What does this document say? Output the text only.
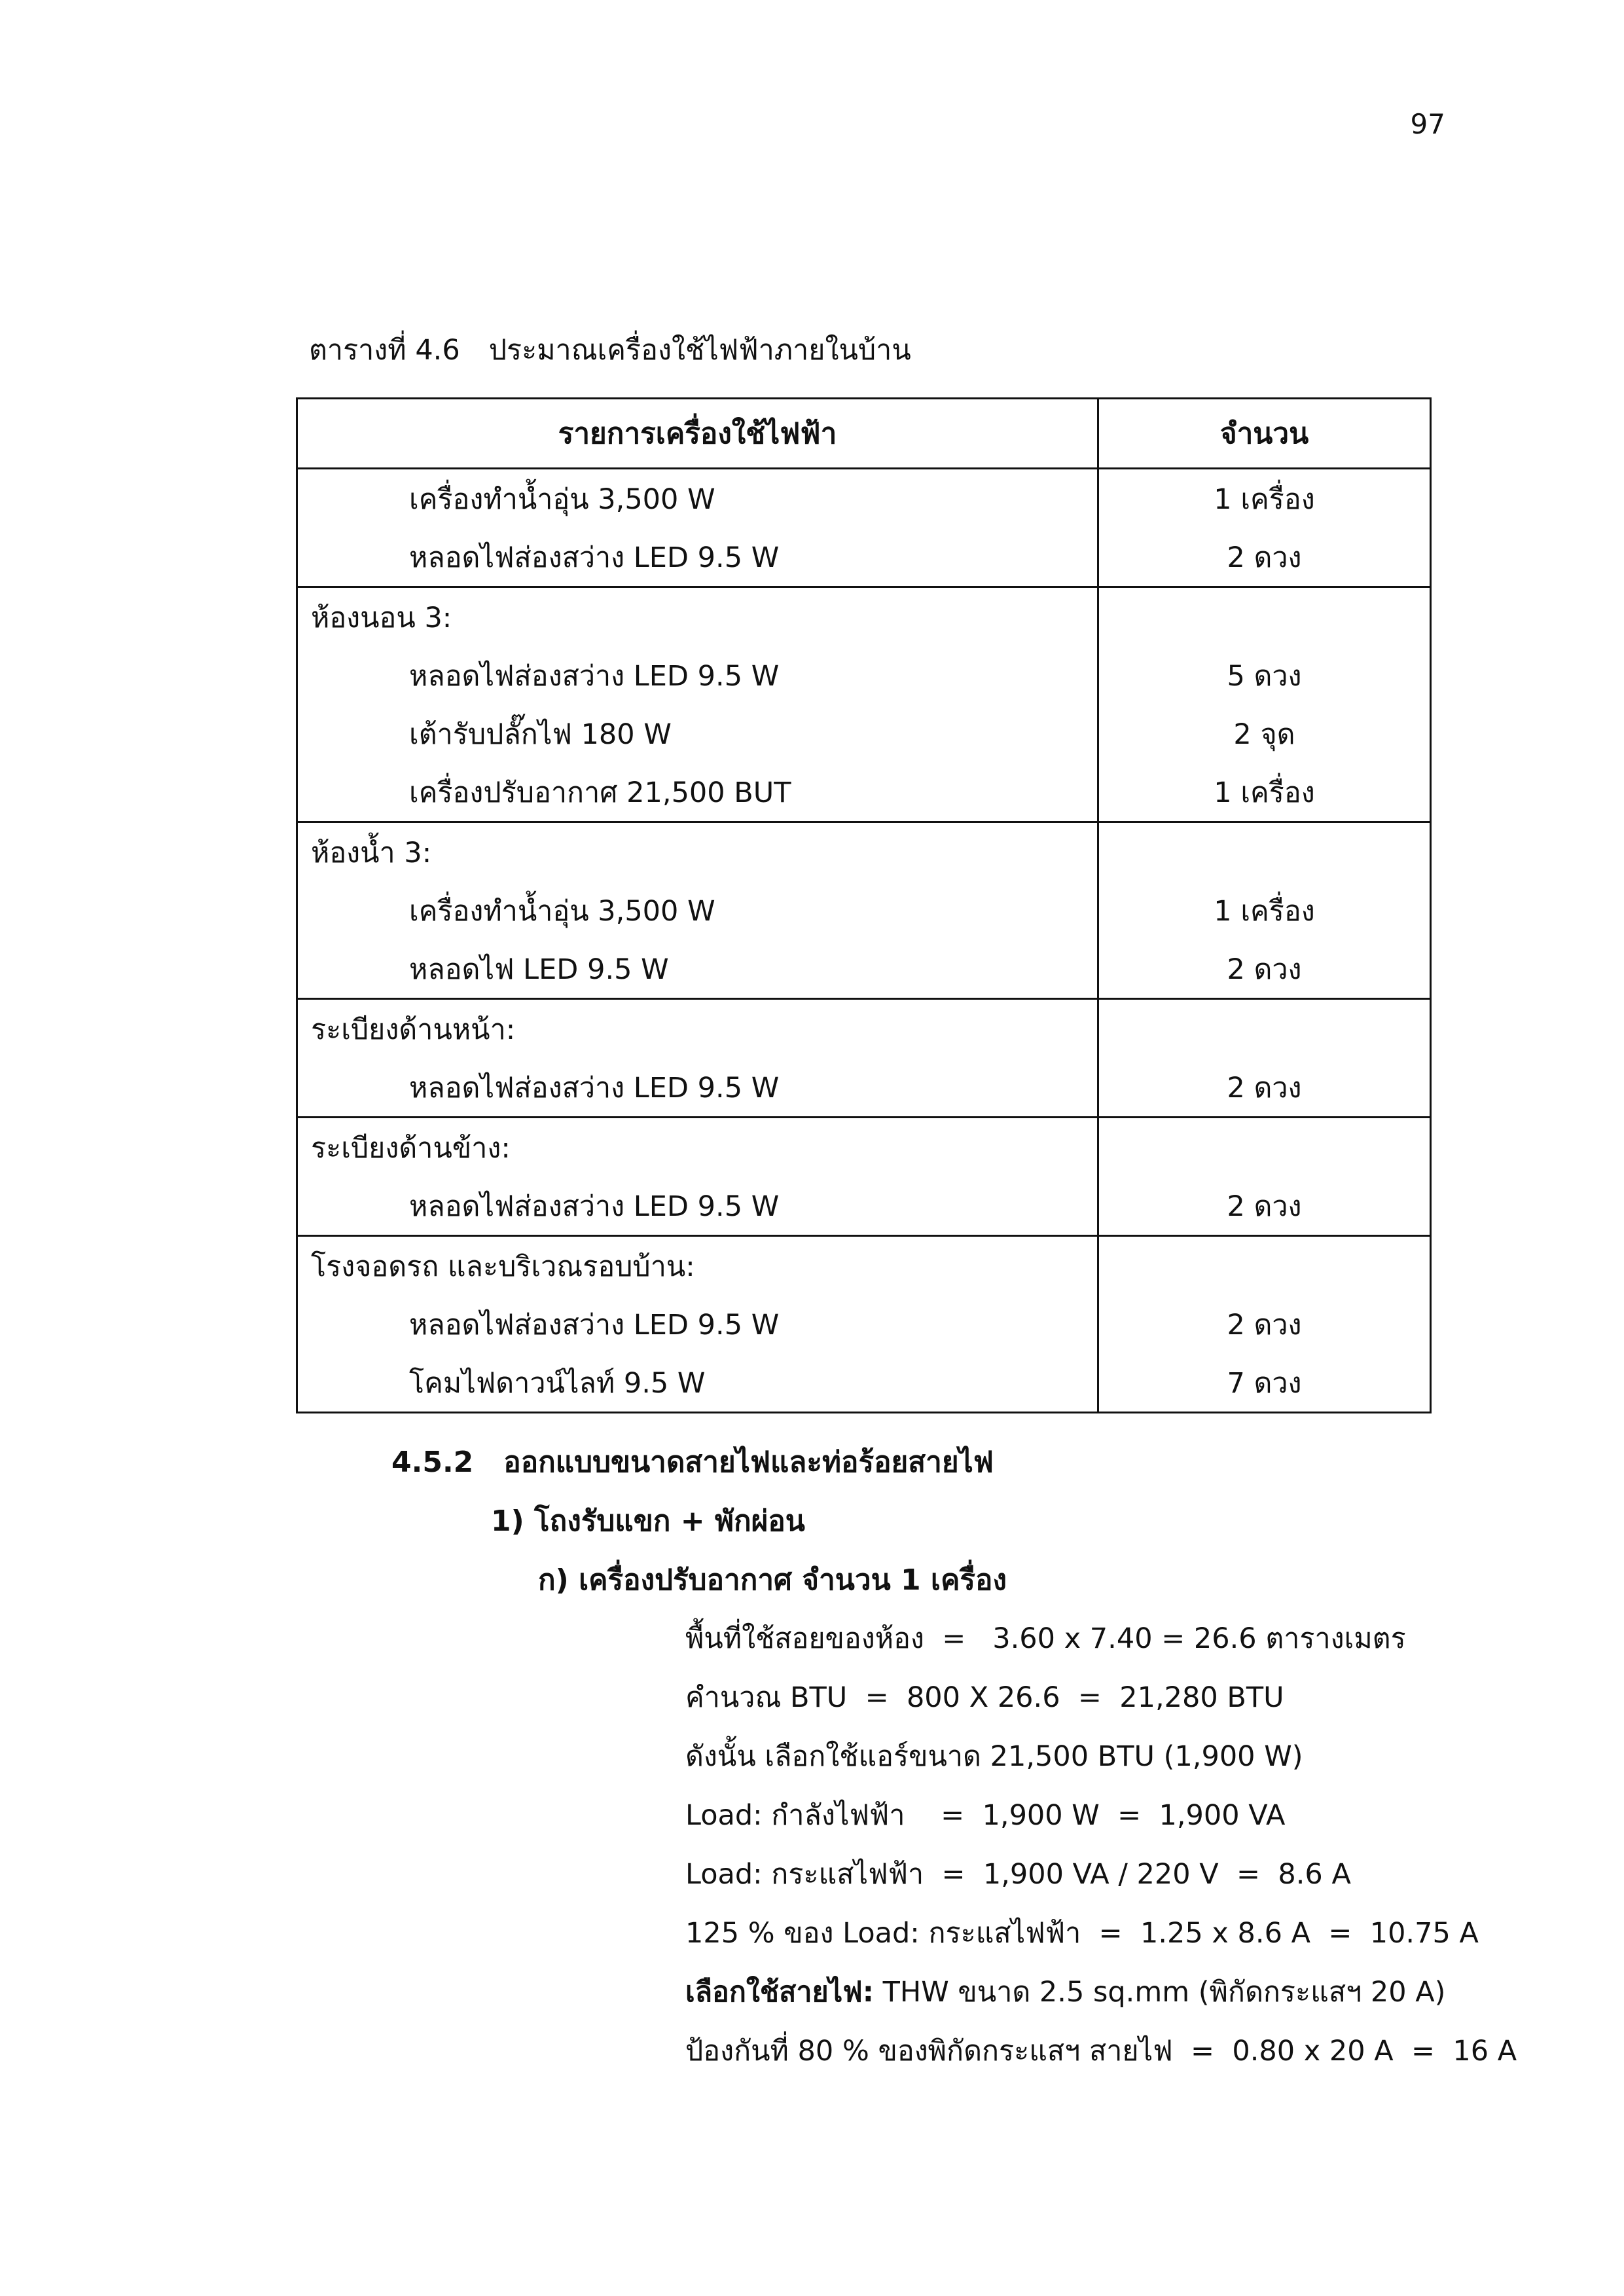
97
ตารางที่ 4.6 ประมาณเครื่องใช้ไฟฟ้าภายในบ้าน
รายการเครื่องใช้ไฟฟ้า	จำนวน
เครื่องทำน้ำอุ่น 3,500 W	1 เครื่อง
หลอดไฟส่องสว่าง LED 9.5 W	2 ดวง
ห้องนอน 3:	
หลอดไฟส่องสว่าง LED 9.5 W	5 ดวง
เต้ารับปลั๊กไฟ 180 W	2 จุด
เครื่องปรับอากาศ 21,500 BUT	1 เครื่อง
ห้องน้ำ 3:	
เครื่องทำน้ำอุ่น 3,500 W	1 เครื่อง
หลอดไฟ LED 9.5 W	2 ดวง
ระเบียงด้านหน้า:	
หลอดไฟส่องสว่าง LED 9.5 W	2 ดวง
ระเบียงด้านข้าง:	
หลอดไฟส่องสว่าง LED 9.5 W	2 ดวง
โรงจอดรถ และบริเวณรอบบ้าน:	
หลอดไฟส่องสว่าง LED 9.5 W	2 ดวง
โคมไฟดาวน์ไลท์ 9.5 W	7 ดวง
4.5.2 ออกแบบขนาดสายไฟและท่อร้อยสายไฟ
1) โถงรับแขก + พักผ่อน
ก) เครื่องปรับอากาศ จำนวน 1 เครื่อง
พื้นที่ใช้สอยของห้อง  =   3.60 x 7.40 = 26.6 ตารางเมตร
คำนวณ BTU  =  800 X 26.6  =  21,280 BTU
ดังนั้น เลือกใช้แอร์ขนาด 21,500 BTU (1,900 W)
Load: กำลังไฟฟ้า    =  1,900 W  =  1,900 VA
Load: กระแสไฟฟ้า  =  1,900 VA / 220 V  =  8.6 A
125 % ของ Load: กระแสไฟฟ้า  =  1.25 x 8.6 A  =  10.75 A
เลือกใช้สายไฟ: THW ขนาด 2.5 sq.mm (พิกัดกระแสฯ 20 A)
ป้องกันที่ 80 % ของพิกัดกระแสฯ สายไฟ  =  0.80 x 20 A  =  16 A
